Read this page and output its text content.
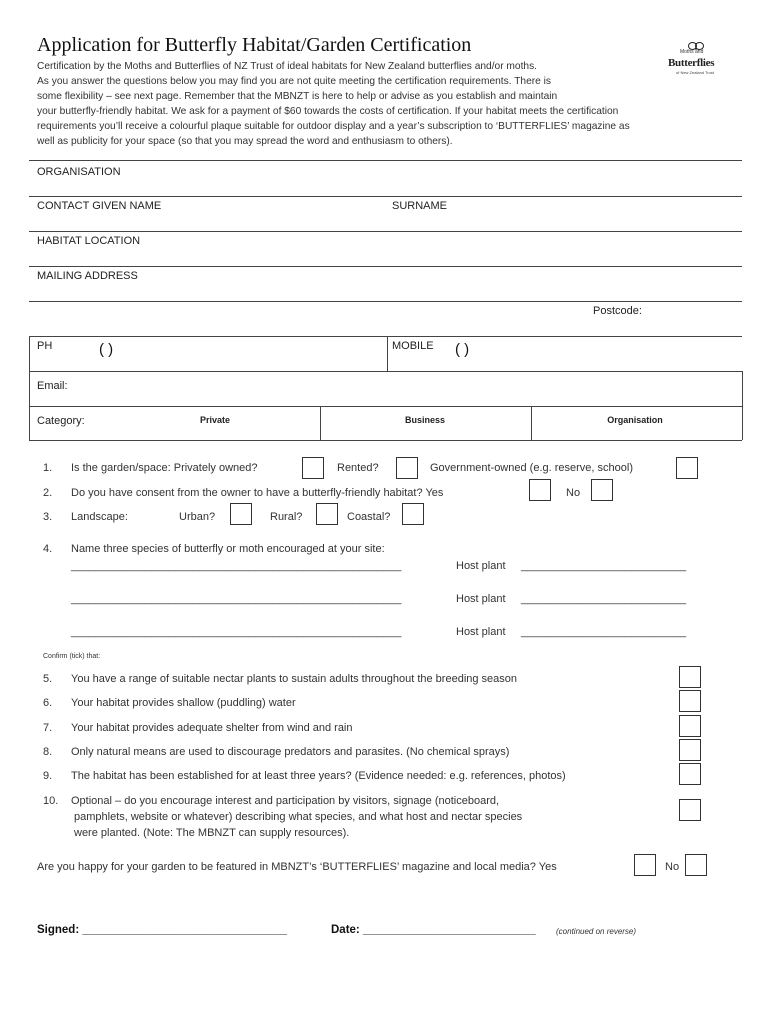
Application for Butterfly Habitat/Garden Certification	Moths and
Butterflies
of New Zealand Trust
Certification by the Moths and Butterflies of NZ Trust of ideal habitats for New Zealand butterflies and/or moths.
As you answer the questions below you may find you are not quite meeting the certification requirements. There is
some flexibility – see next page. Remember that the MBNZT is here to help or advise as you establish and maintain
your butterfly-friendly habitat. We ask for a payment of $60 towards the costs of certification. If your habitat meets the certification
requirements you’ll receive a colourful plaque suitable for outdoor display and a year’s subscription to ‘BUTTERFLIES’ magazine as
well as publicity for your space (so that you may spread the word and enthusiasm to others).
ORGANISATION
CONTACT GIVEN NAME	SURNAME
HABITAT LOCATION
MAILING ADDRESS
Postcode:
PH	( )	MOBILE ( )
Email:
Category:	Private	Business	Organisation
1. Is the garden/space: Privately owned?	Rented?	Government-owned (e.g. reserve, school)
2. Do you have consent from the owner to have a butterfly-friendly habitat? Yes	No
3. Landscape:	Urban?	Rural?	Coastal?
4. Name three species of butterfly or moth encouraged at your site:
______________________________________________________	Host plant ___________________________
______________________________________________________	Host plant ___________________________
______________________________________________________	Host plant ___________________________
Confirm (tick) that:
5. You have a range of suitable nectar plants to sustain adults throughout the breeding season
6. Your habitat provides shallow (puddling) water
7. Your habitat provides adequate shelter from wind and rain
8. Only natural means are used to discourage predators and parasites. (No chemical sprays)
9. The habitat has been established for at least three years? (Evidence needed: e.g. references, photos)
10. Optional – do you encourage interest and participation by visitors, signage (noticeboard,
pamphlets, website or whatever) describing what species, and what host and nectar species
were planted. (Note: The MBNZT can supply resources).
Are you happy for your garden to be featured in MBNZT’s ‘BUTTERFLIES’ magazine and local media? Yes	No
Signed: ________________________________	Date: ___________________________	(continued on reverse)
